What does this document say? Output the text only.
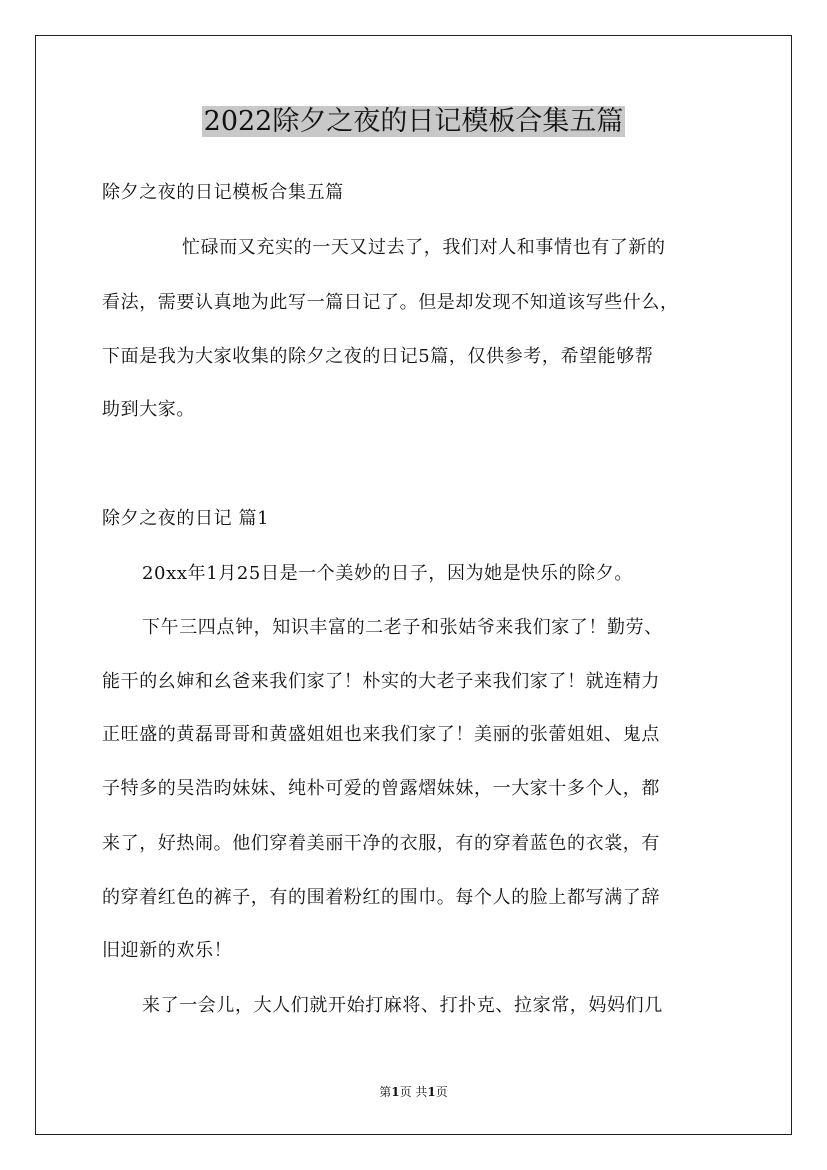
2022除夕之夜的日记模板合集五篇
除夕之夜的日记模板合集五篇
忙碌而又充实的一天又过去了，我们对人和事情也有了新的
看法，需要认真地为此写一篇日记了。但是却发现不知道该写些什么，
下面是我为大家收集的除夕之夜的日记5篇，仅供参考，希望能够帮
助到大家。
除夕之夜的日记 篇1
20xx年1月25日是一个美妙的日子，因为她是快乐的除夕。
下午三四点钟，知识丰富的二老子和张姑爷来我们家了！勤劳、
能干的幺婶和幺爸来我们家了！朴实的大老子来我们家了！就连精力
正旺盛的黄磊哥哥和黄盛姐姐也来我们家了！美丽的张蕾姐姐、鬼点
子特多的吴浩昀妹妹、纯朴可爱的曾露熠妹妹，一大家十多个人，都
来了，好热闹。他们穿着美丽干净的衣服，有的穿着蓝色的衣裳，有
的穿着红色的裤子，有的围着粉红的围巾。每个人的脸上都写满了辞
旧迎新的欢乐！
来了一会儿，大人们就开始打麻将、打扑克、拉家常，妈妈们几
第1页 共1页
